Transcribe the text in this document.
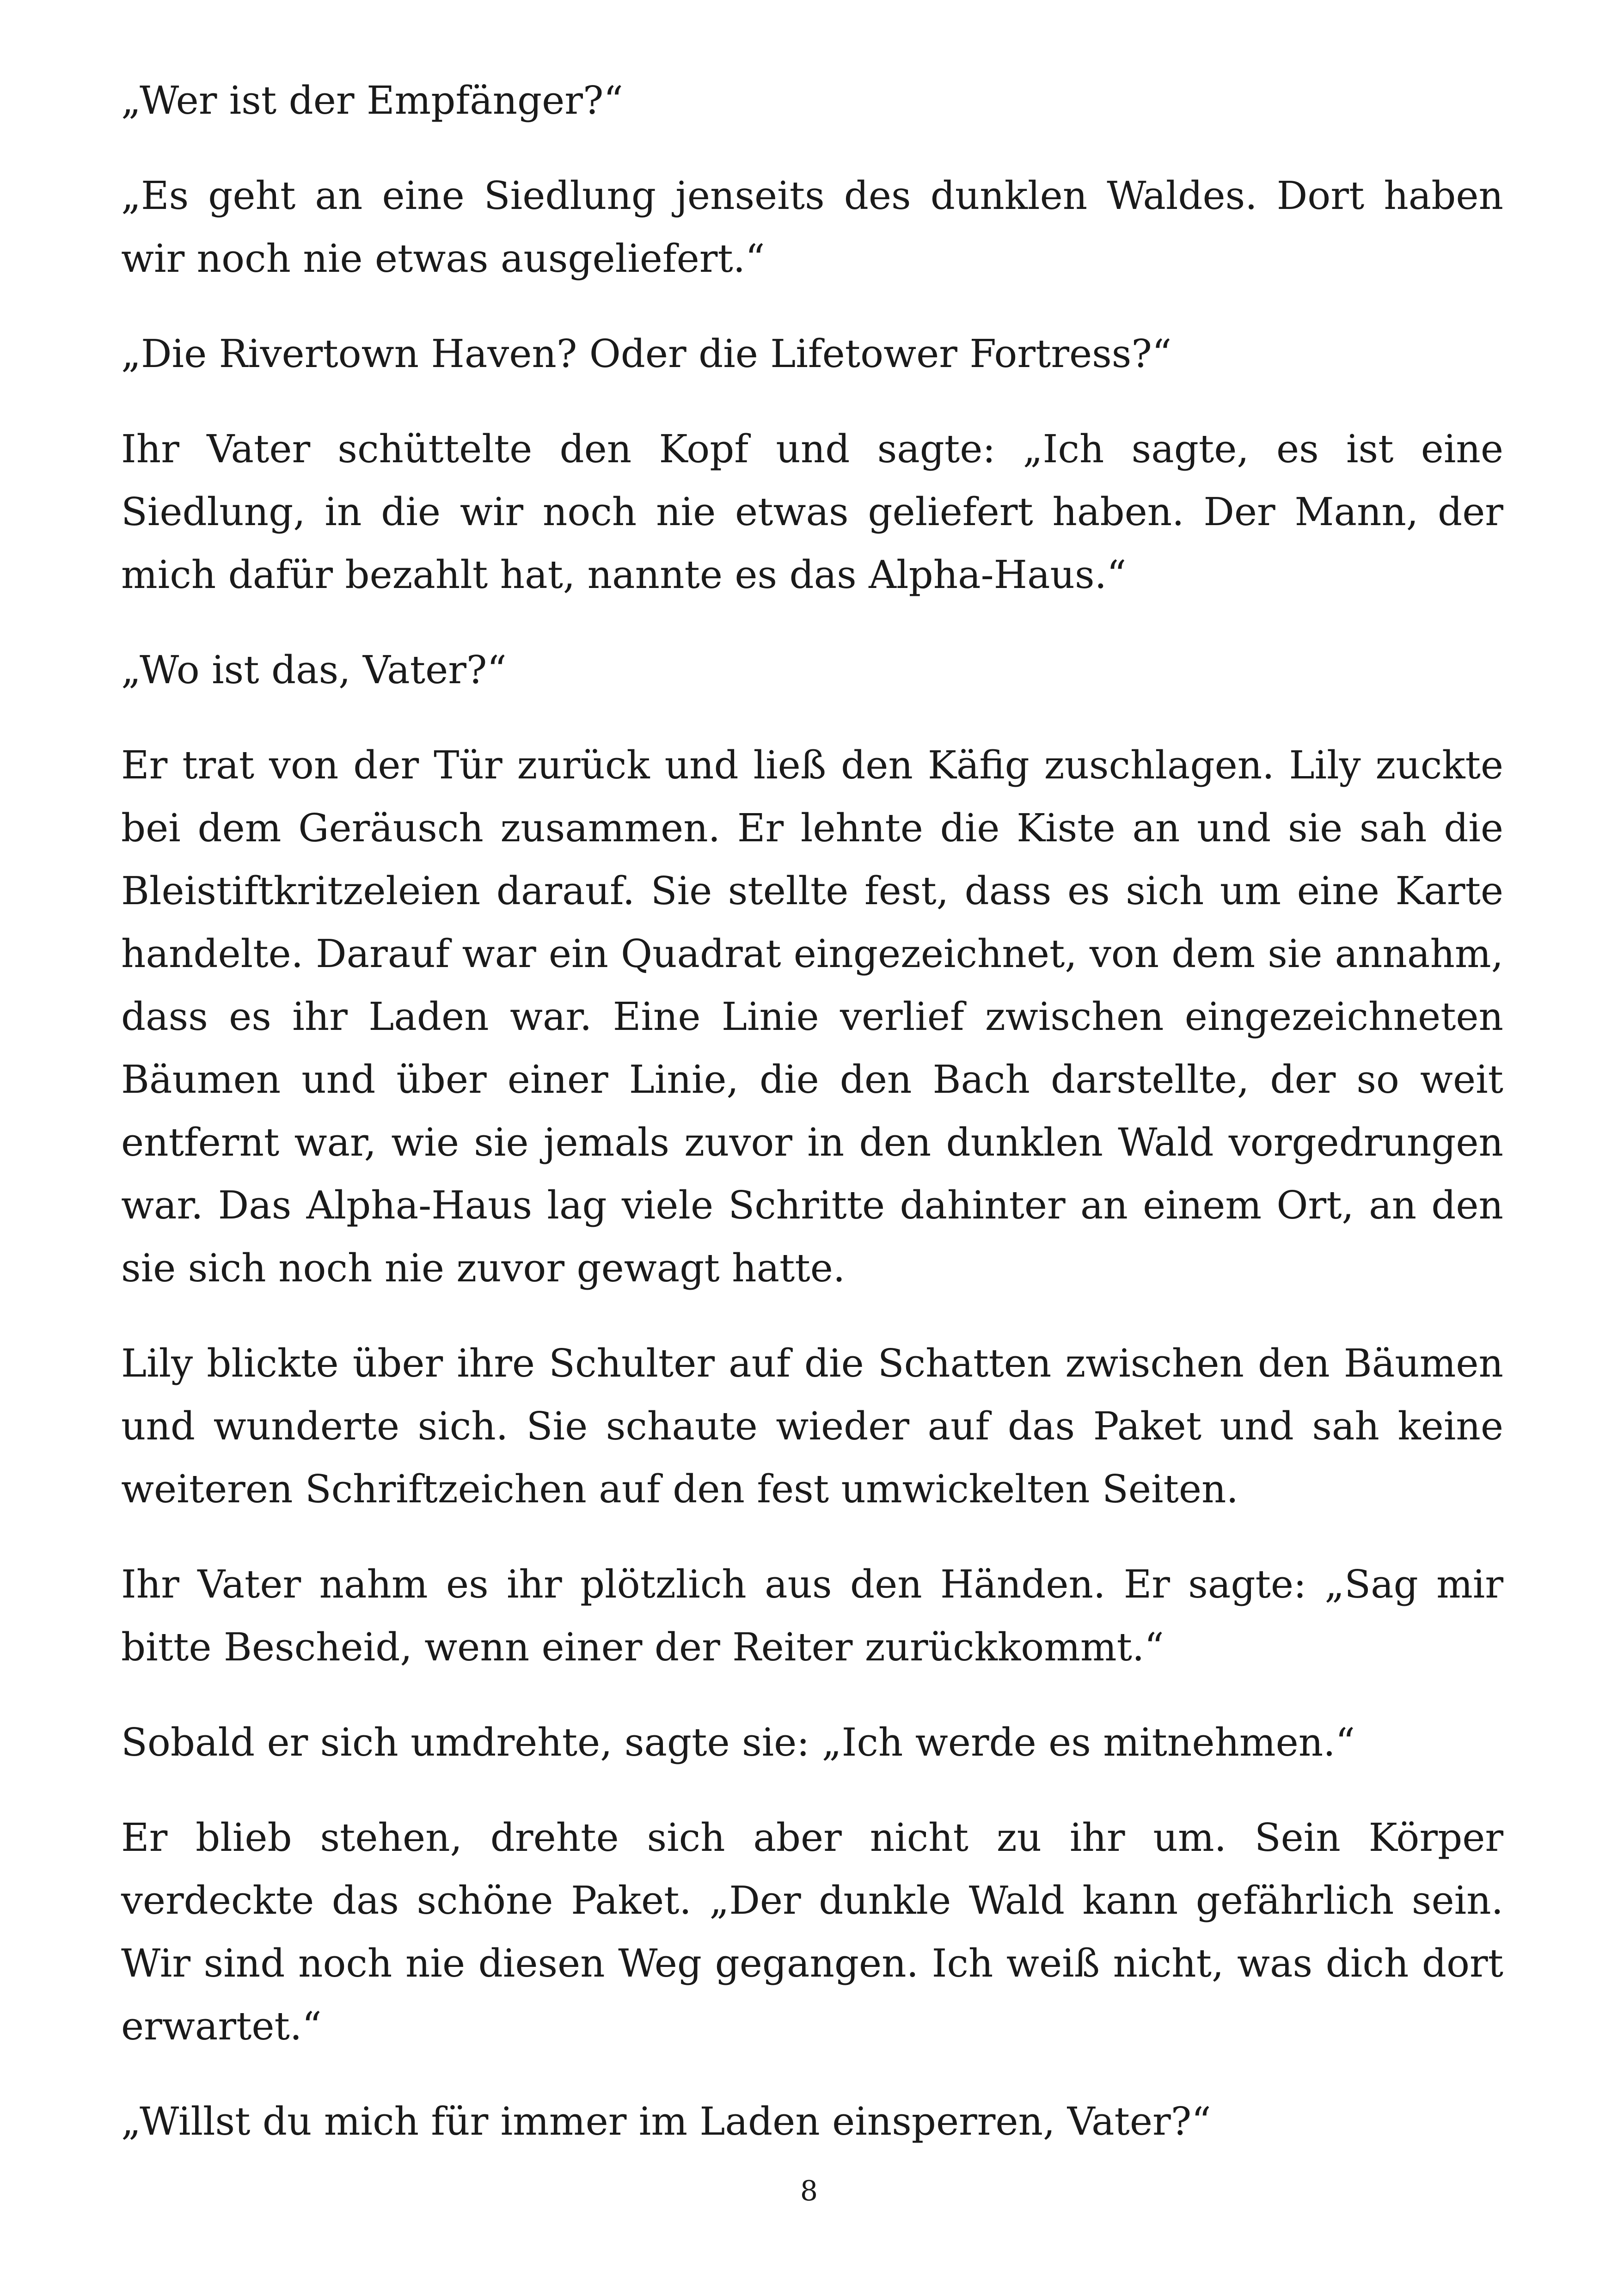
„Wer ist der Empfänger?“

„Es geht an eine Siedlung jenseits des dunklen Waldes. Dort haben wir noch nie etwas ausgeliefert.“

„Die Rivertown Haven? Oder die Lifetower Fortress?“

Ihr Vater schüttelte den Kopf und sagte: „Ich sagte, es ist eine Siedlung, in die wir noch nie etwas geliefert haben. Der Mann, der mich dafür bezahlt hat, nannte es das Alpha-Haus.“

„Wo ist das, Vater?“

Er trat von der Tür zurück und ließ den Käfig zuschlagen. Lily zuckte bei dem Geräusch zusammen. Er lehnte die Kiste an und sie sah die Bleistiftkritzeleien darauf. Sie stellte fest, dass es sich um eine Karte handelte. Darauf war ein Quadrat eingezeichnet, von dem sie annahm, dass es ihr Laden war. Eine Linie verlief zwischen eingezeichneten Bäumen und über einer Linie, die den Bach darstellte, der so weit entfernt war, wie sie jemals zuvor in den dunklen Wald vorgedrungen war. Das Alpha-Haus lag viele Schritte dahinter an einem Ort, an den sie sich noch nie zuvor gewagt hatte.

Lily blickte über ihre Schulter auf die Schatten zwischen den Bäumen und wunderte sich. Sie schaute wieder auf das Paket und sah keine weiteren Schriftzeichen auf den fest umwickelten Seiten.

Ihr Vater nahm es ihr plötzlich aus den Händen. Er sagte: „Sag mir bitte Bescheid, wenn einer der Reiter zurückkommt.“

Sobald er sich umdrehte, sagte sie: „Ich werde es mitnehmen.“

Er blieb stehen, drehte sich aber nicht zu ihr um. Sein Körper verdeckte das schöne Paket. „Der dunkle Wald kann gefährlich sein. Wir sind noch nie diesen Weg gegangen. Ich weiß nicht, was dich dort erwartet.“

„Willst du mich für immer im Laden einsperren, Vater?“

8
